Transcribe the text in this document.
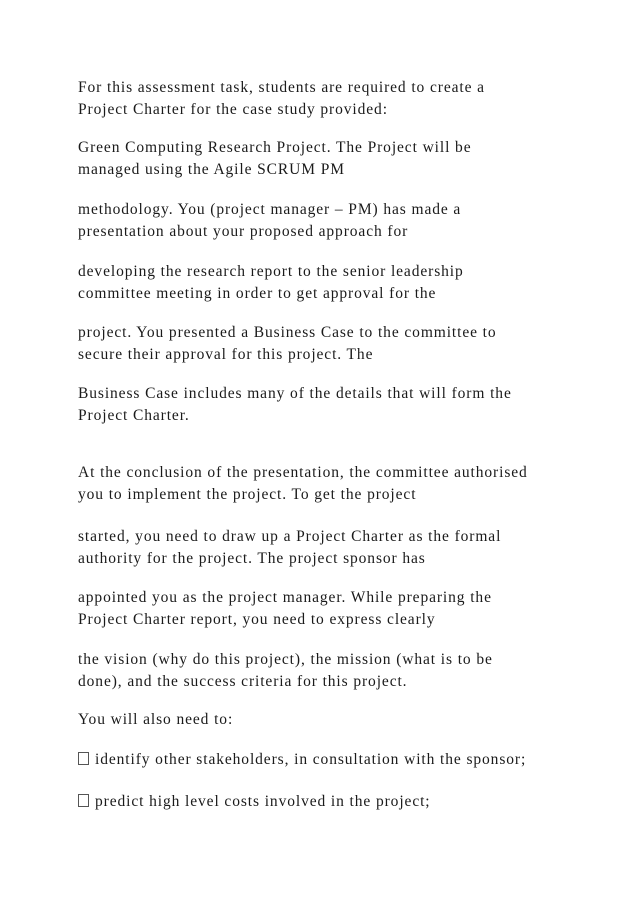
For this assessment task, students are required to create a
Project Charter for the case study provided:
Green Computing Research Project. The Project will be
managed using the Agile SCRUM PM
methodology. You (project manager – PM) has made a
presentation about your proposed approach for
developing the research report to the senior leadership
committee meeting in order to get approval for the
project. You presented a Business Case to the committee to
secure their approval for this project. The
Business Case includes many of the details that will form the
Project Charter.
At the conclusion of the presentation, the committee authorised
you to implement the project. To get the project
started, you need to draw up a Project Charter as the formal
authority for the project. The project sponsor has
appointed you as the project manager. While preparing the
Project Charter report, you need to express clearly
the vision (why do this project), the mission (what is to be
done), and the success criteria for this project.
You will also need to:
identify other stakeholders, in consultation with the sponsor;
predict high level costs involved in the project;
